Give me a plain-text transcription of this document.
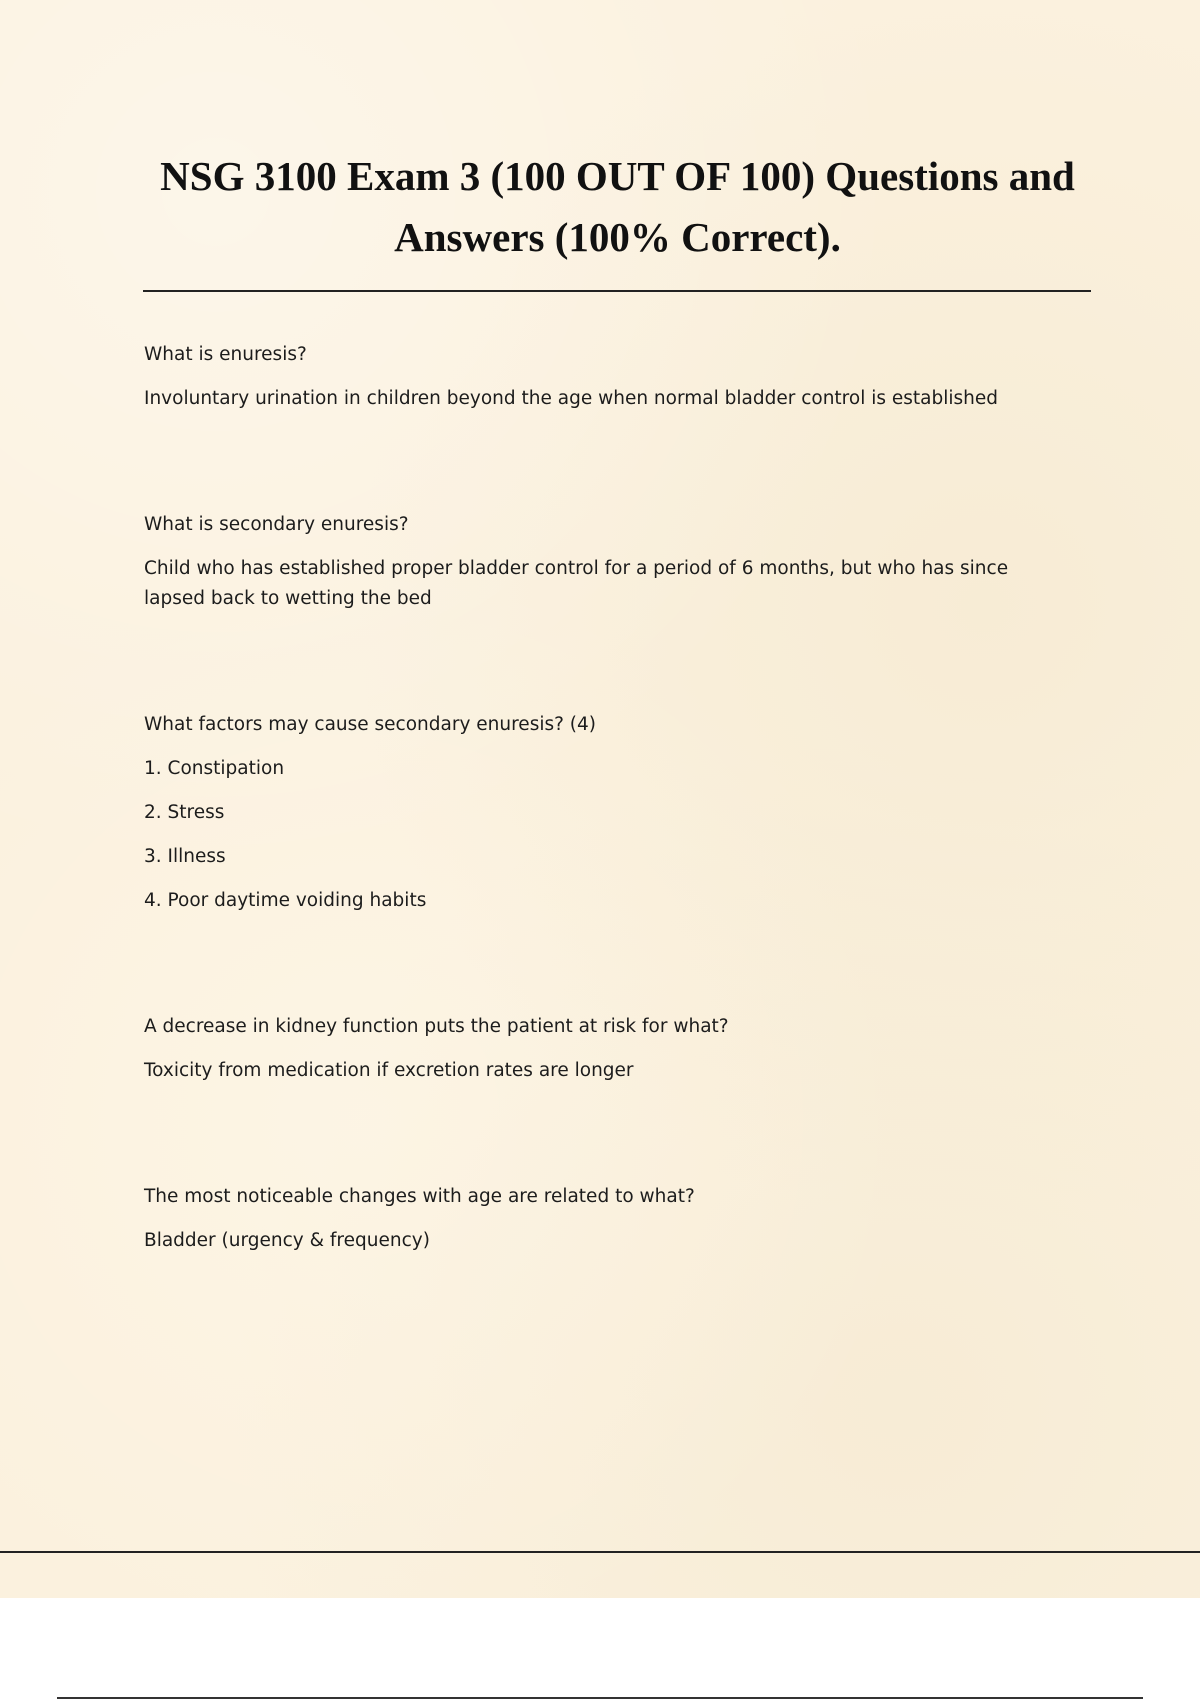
NSG 3100 Exam 3 (100 OUT OF 100) Questions and Answers (100% Correct).

What is enuresis?

Involuntary urination in children beyond the age when normal bladder control is established

What is secondary enuresis?

Child who has established proper bladder control for a period of 6 months, but who has since lapsed back to wetting the bed

What factors may cause secondary enuresis? (4)

1. Constipation

2. Stress

3. Illness

4. Poor daytime voiding habits

A decrease in kidney function puts the patient at risk for what?

Toxicity from medication if excretion rates are longer

The most noticeable changes with age are related to what?

Bladder (urgency & frequency)
